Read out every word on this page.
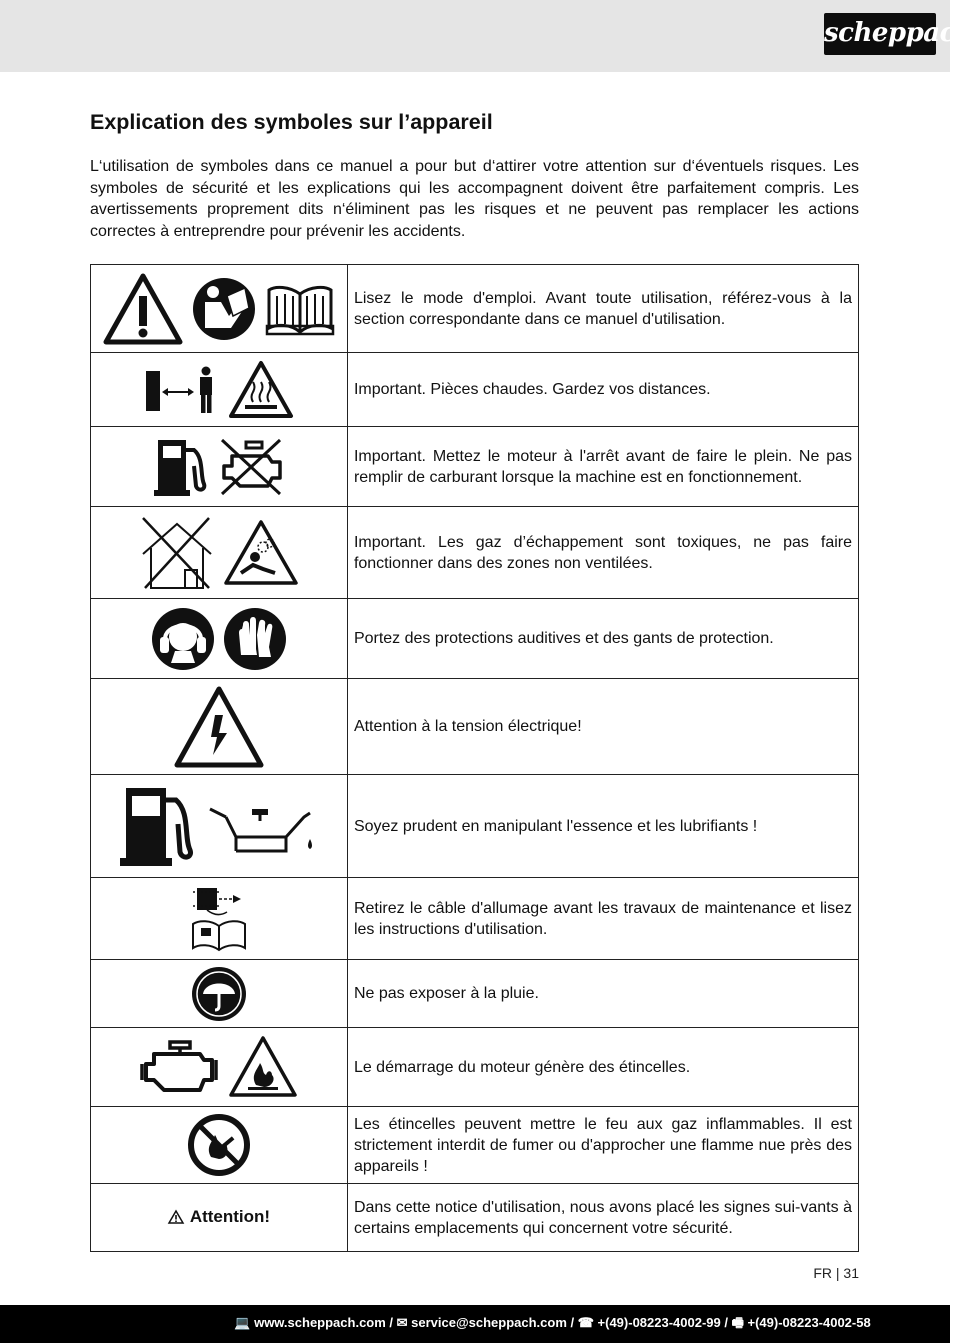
scheppach
Explication des symboles sur l’appareil

L‘utilisation de symboles dans ce manuel a pour but d‘attirer votre attention sur d‘éventuels risques. Les symboles de sécurité et les explications qui les accompagnent doivent être parfaitement compris. Les avertissements proprement dits n‘éliminent pas les risques et ne peuvent pas remplacer les actions correctes à entreprendre pour prévenir les accidents.

	Lisez le mode d'emploi. Avant toute utilisation, référez-vous à la section correspondante dans ce manuel d'utilisation.

	Important. Pièces chaudes. Gardez vos distances.

	Important. Mettez le moteur à l'arrêt avant de faire le plein. Ne pas remplir de carburant lorsque la machine est en fonctionnement.

	Important. Les gaz d’échappement sont toxiques, ne pas faire fonctionner dans des zones non ventilées.

	Portez des protections auditives et des gants de protection.

	Attention à la tension électrique!

	Soyez prudent en manipulant l'essence et les lubrifiants !

	Retirez le câble d'allumage avant les travaux de maintenance et lisez les instructions d'utilisation.

	Ne pas exposer à la pluie.

	Le démarrage du moteur génère des étincelles.

	Les étincelles peuvent mettre le feu aux gaz inflammables. Il est strictement interdit de fumer ou d'approcher une flamme nue près des appareils !

Attention!	Dans cette notice d'utilisation, nous avons placé les signes sui-vants à certains emplacements qui concernent votre sécurité.
FR | 31
💻 www.scheppach.com / ✉ service@scheppach.com / ☎ +(49)-08223-4002-99 / 🖷 +(49)-08223-4002-58
